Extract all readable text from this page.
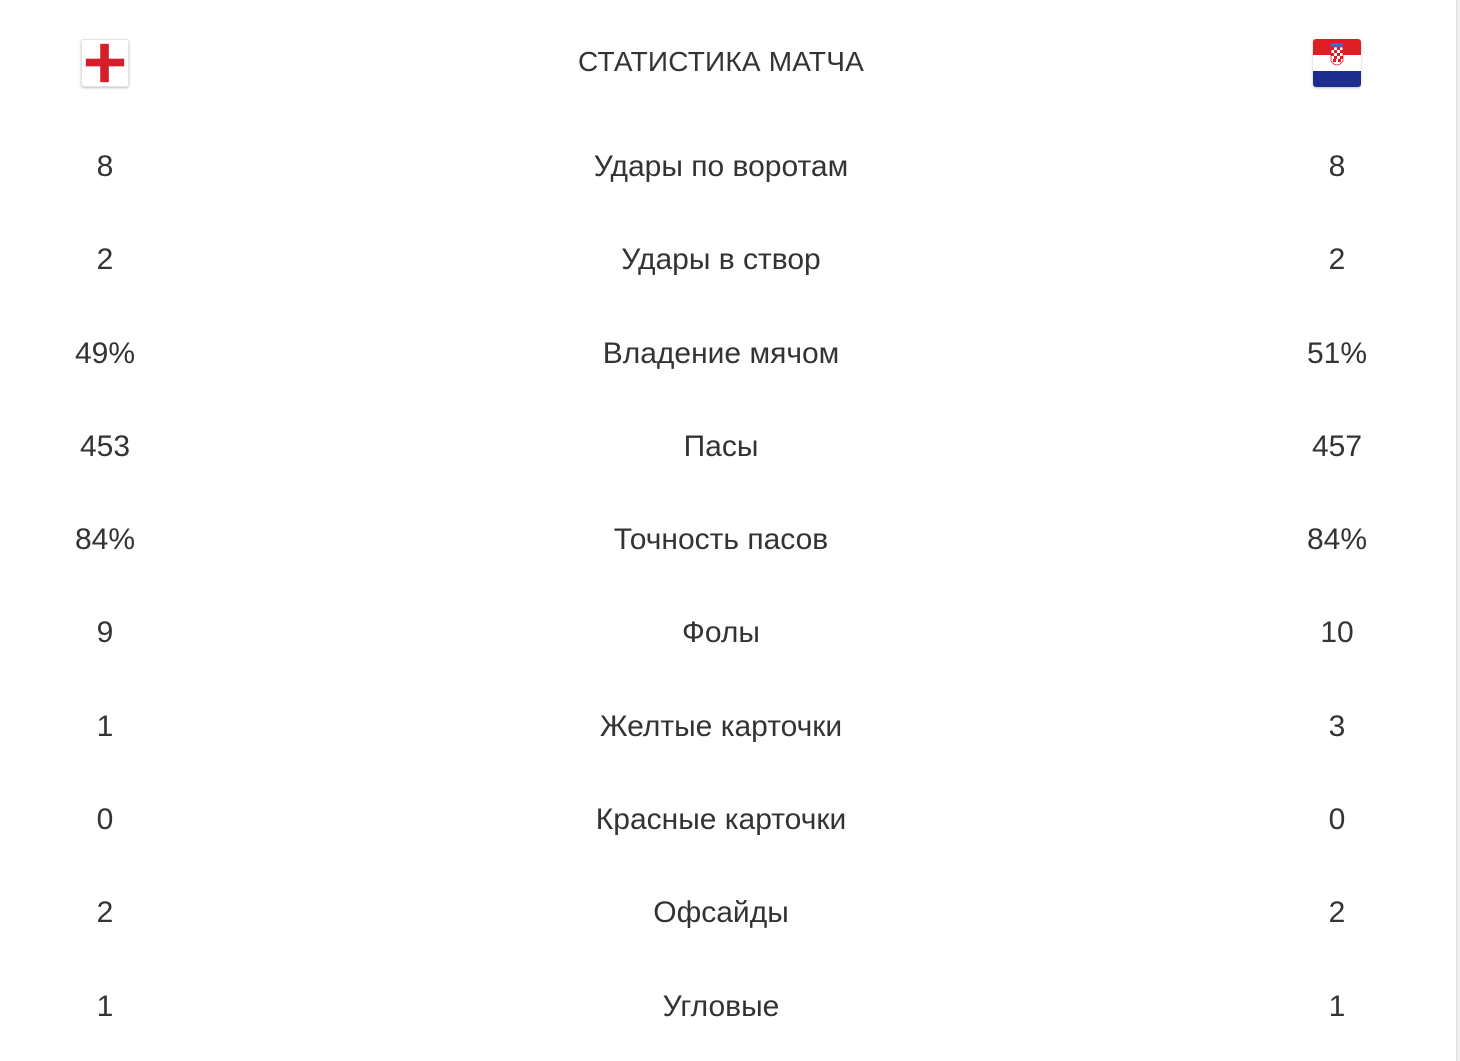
СТАТИСТИКА МАТЧА
8	Удары по воротам	8
2	Удары в створ	2
49%	Владение мячом	51%
453	Пасы	457
84%	Точность пасов	84%
9	Фолы	10
1	Желтые карточки	3
0	Красные карточки	0
2	Офсайды	2
1	Угловые	1
